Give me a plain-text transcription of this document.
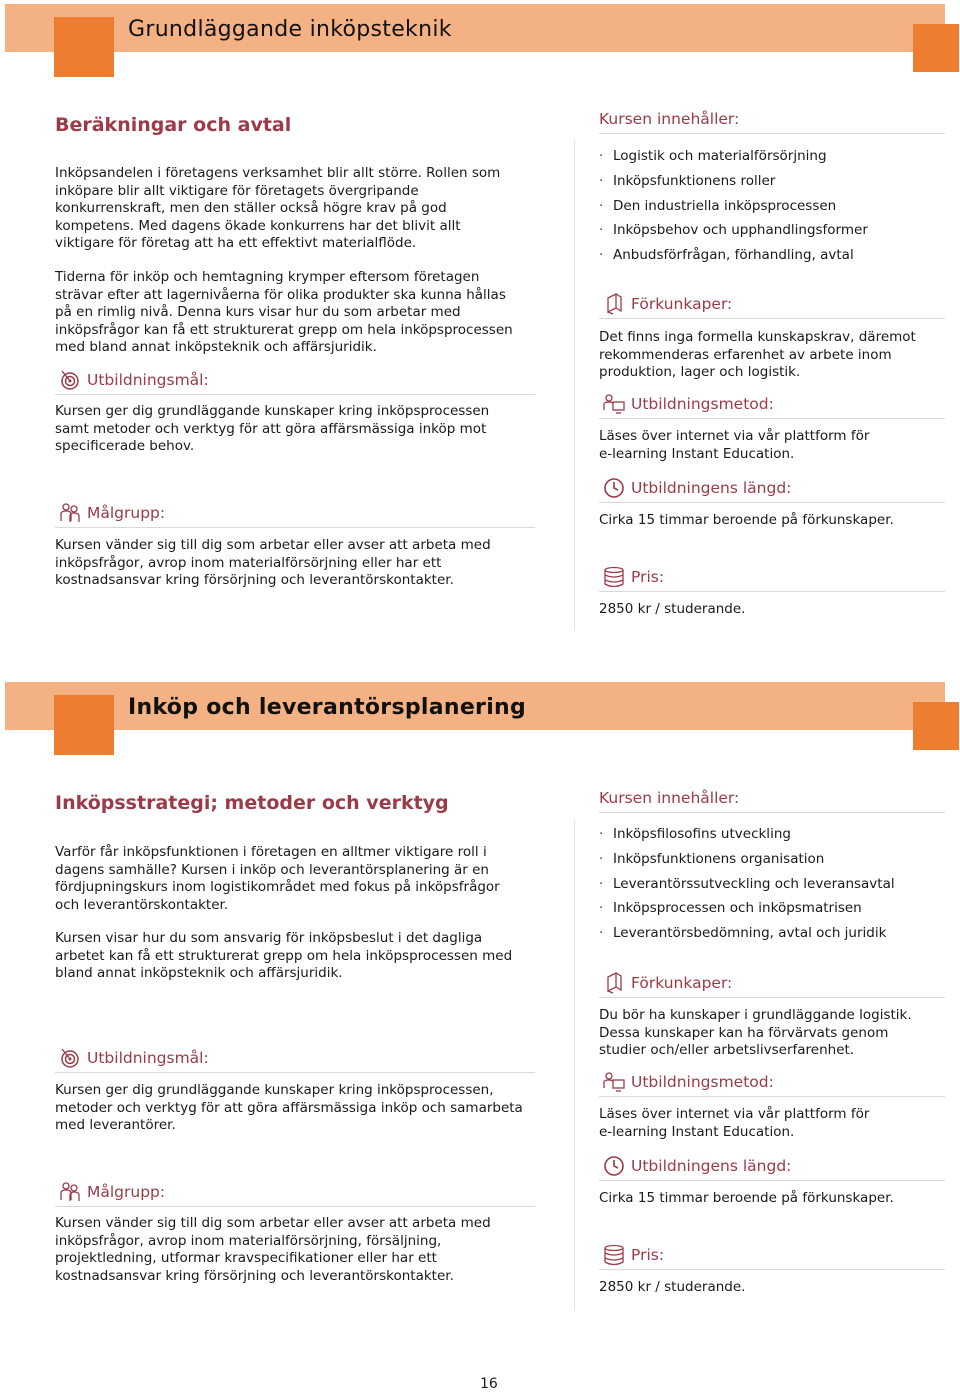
Grundläggande inköpsteknik
Beräkningar och avtal

Inköpsandelen i företagens verksamhet blir allt större. Rollen som
inköpare blir allt viktigare för företagets övergripande
konkurrenskraft, men den ställer också högre krav på god
kompetens. Med dagens ökade konkurrens har det blivit allt
viktigare för företag att ha ett effektivt materialflöde.

Tiderna för inköp och hemtagning krymper eftersom företagen
strävar efter att lagernivåerna för olika produkter ska kunna hållas
på en rimlig nivå. Denna kurs visar hur du som arbetar med
inköpsfrågor kan få ett strukturerat grepp om hela inköpsprocessen
med bland annat inköpsteknik och affärsjuridik.

Utbildningsmål:

Kursen ger dig grundläggande kunskaper kring inköpsprocessen
samt metoder och verktyg för att göra affärsmässiga inköp mot
specificerade behov.

Målgrupp:

Kursen vänder sig till dig som arbetar eller avser att arbeta med
inköpsfrågor, avrop inom materialförsörjning eller har ett
kostnadsansvar kring försörjning och leverantörskontakter.

Kursen innehåller:
· Logistik och materialförsörjning
· Inköpsfunktionens roller
· Den industriella inköpsprocessen
· Inköpsbehov och upphandlingsformer
· Anbudsförfrågan, förhandling, avtal
Förkunkaper:

Det finns inga formella kunskapskrav, däremot
rekommenderas erfarenhet av arbete inom
produktion, lager och logistik.

Utbildningsmetod:

Läses över internet via vår plattform för
e-learning Instant Education.

Utbildningens längd:

Cirka 15 timmar beroende på förkunskaper.

Pris:

2850 kr / studerande.

Inköp och leverantörsplanering
Inköpsstrategi; metoder och verktyg

Varför får inköpsfunktionen i företagen en alltmer viktigare roll i
dagens samhälle? Kursen i inköp och leverantörsplanering är en
fördjupningskurs inom logistikområdet med fokus på inköpsfrågor
och leverantörskontakter.

Kursen visar hur du som ansvarig för inköpsbeslut i det dagliga
arbetet kan få ett strukturerat grepp om hela inköpsprocessen med
bland annat inköpsteknik och affärsjuridik.

Utbildningsmål:

Kursen ger dig grundläggande kunskaper kring inköpsprocessen,
metoder och verktyg för att göra affärsmässiga inköp och samarbeta
med leverantörer.

Målgrupp:

Kursen vänder sig till dig som arbetar eller avser att arbeta med
inköpsfrågor, avrop inom materialförsörjning, försäljning,
projektledning, utformar kravspecifikationer eller har ett
kostnadsansvar kring försörjning och leverantörskontakter.

Kursen innehåller:
· Inköpsfilosofins utveckling
· Inköpsfunktionens organisation
· Leverantörssutveckling och leveransavtal
· Inköpsprocessen och inköpsmatrisen
· Leverantörsbedömning, avtal och juridik
Förkunkaper:

Du bör ha kunskaper i grundläggande logistik.
Dessa kunskaper kan ha förvärvats genom
studier och/eller arbetslivserfarenhet.

Utbildningsmetod:

Läses över internet via vår plattform för
e-learning Instant Education.

Utbildningens längd:

Cirka 15 timmar beroende på förkunskaper.

Pris:

2850 kr / studerande.

16
